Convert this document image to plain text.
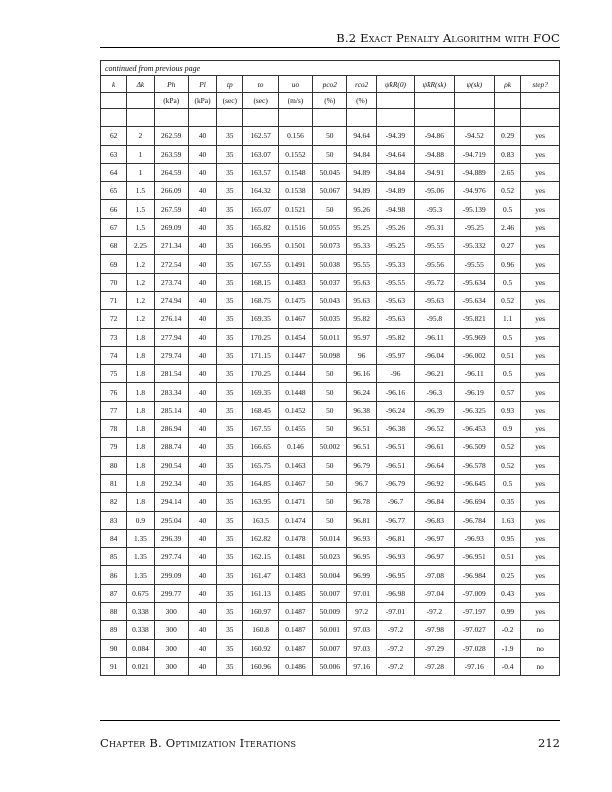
B.2 Exact Penalty Algorithm with FOC
continued from previous page													
k	Δk	Ph	Pl	tp	to	uo	pco2	rco2	ψ̃kR(0)	ψ̃kR(sk)	ψ(sk)	ρk	step?
		(kPa)	(kPa)	(sec)	(sec)	(m/s)	(%)	(%)					

62	2	262.59	40	35	162.57	0.156	50	94.64	-94.39	-94.86	-94.52	0.29	yes
63	1	263.59	40	35	163.07	0.1552	50	94.84	-94.64	-94.88	-94.719	0.83	yes
64	1	264.59	40	35	163.57	0.1548	50.045	94.89	-94.84	-94.91	-94.889	2.65	yes
65	1.5	266.09	40	35	164.32	0.1538	50.067	94.89	-94.89	-95.06	-94.976	0.52	yes
66	1.5	267.59	40	35	165.07	0.1521	50	95.26	-94.98	-95.3	-95.139	0.5	yes
67	1.5	269.09	40	35	165.82	0.1516	50.055	95.25	-95.26	-95.31	-95.25	2.46	yes
68	2.25	271.34	40	35	166.95	0.1501	50.073	95.33	-95.25	-95.55	-95.332	0.27	yes
69	1.2	272.54	40	35	167.55	0.1491	50.038	95.55	-95.33	-95.56	-95.55	0.96	yes
70	1.2	273.74	40	35	168.15	0.1483	50.037	95.63	-95.55	-95.72	-95.634	0.5	yes
71	1.2	274.94	40	35	168.75	0.1475	50.043	95.63	-95.63	-95.63	-95.634	0.52	yes
72	1.2	276.14	40	35	169.35	0.1467	50.035	95.82	-95.63	-95.8	-95.821	1.1	yes
73	1.8	277.94	40	35	170.25	0.1454	50.011	95.97	-95.82	-96.11	-95.969	0.5	yes
74	1.8	279.74	40	35	171.15	0.1447	50.098	96	-95.97	-96.04	-96.002	0.51	yes
75	1.8	281.54	40	35	170.25	0.1444	50	96.16	-96	-96.21	-96.11	0.5	yes
76	1.8	283.34	40	35	169.35	0.1448	50	96.24	-96.16	-96.3	-96.19	0.57	yes
77	1.8	285.14	40	35	168.45	0.1452	50	96.38	-96.24	-96.39	-96.325	0.93	yes
78	1.8	286.94	40	35	167.55	0.1455	50	96.51	-96.38	-96.52	-96.453	0.9	yes
79	1.8	288.74	40	35	166.65	0.146	50.002	96.51	-96.51	-96.61	-96.509	0.52	yes
80	1.8	290.54	40	35	165.75	0.1463	50	96.79	-96.51	-96.64	-96.578	0.52	yes
81	1.8	292.34	40	35	164.85	0.1467	50	96.7	-96.79	-96.92	-96.645	0.5	yes
82	1.8	294.14	40	35	163.95	0.1471	50	96.78	-96.7	-96.84	-96.694	0.35	yes
83	0.9	295.04	40	35	163.5	0.1474	50	96.81	-96.77	-96.83	-96.784	1.63	yes
84	1.35	296.39	40	35	162.82	0.1478	50.014	96.93	-96.81	-96.97	-96.93	0.95	yes
85	1.35	297.74	40	35	162.15	0.1481	50.023	96.95	-96.93	-96.97	-96.951	0.51	yes
86	1.35	299.09	40	35	161.47	0.1483	50.004	96.99	-96.95	-97.08	-96.984	0.25	yes
87	0.675	299.77	40	35	161.13	0.1485	50.007	97.01	-96.98	-97.04	-97.009	0.43	yes
88	0.338	300	40	35	160.97	0.1487	50.009	97.2	-97.01	-97.2	-97.197	0.99	yes
89	0.338	300	40	35	160.8	0.1487	50.001	97.03	-97.2	-97.98	-97.027	-0.2	no
90	0.084	300	40	35	160.92	0.1487	50.007	97.03	-97.2	-97.29	-97.028	-1.9	no
91	0.021	300	40	35	160.96	0.1486	50.006	97.16	-97.2	-97.28	-97.16	-0.4	no
Chapter B. Optimization Iterations	212
